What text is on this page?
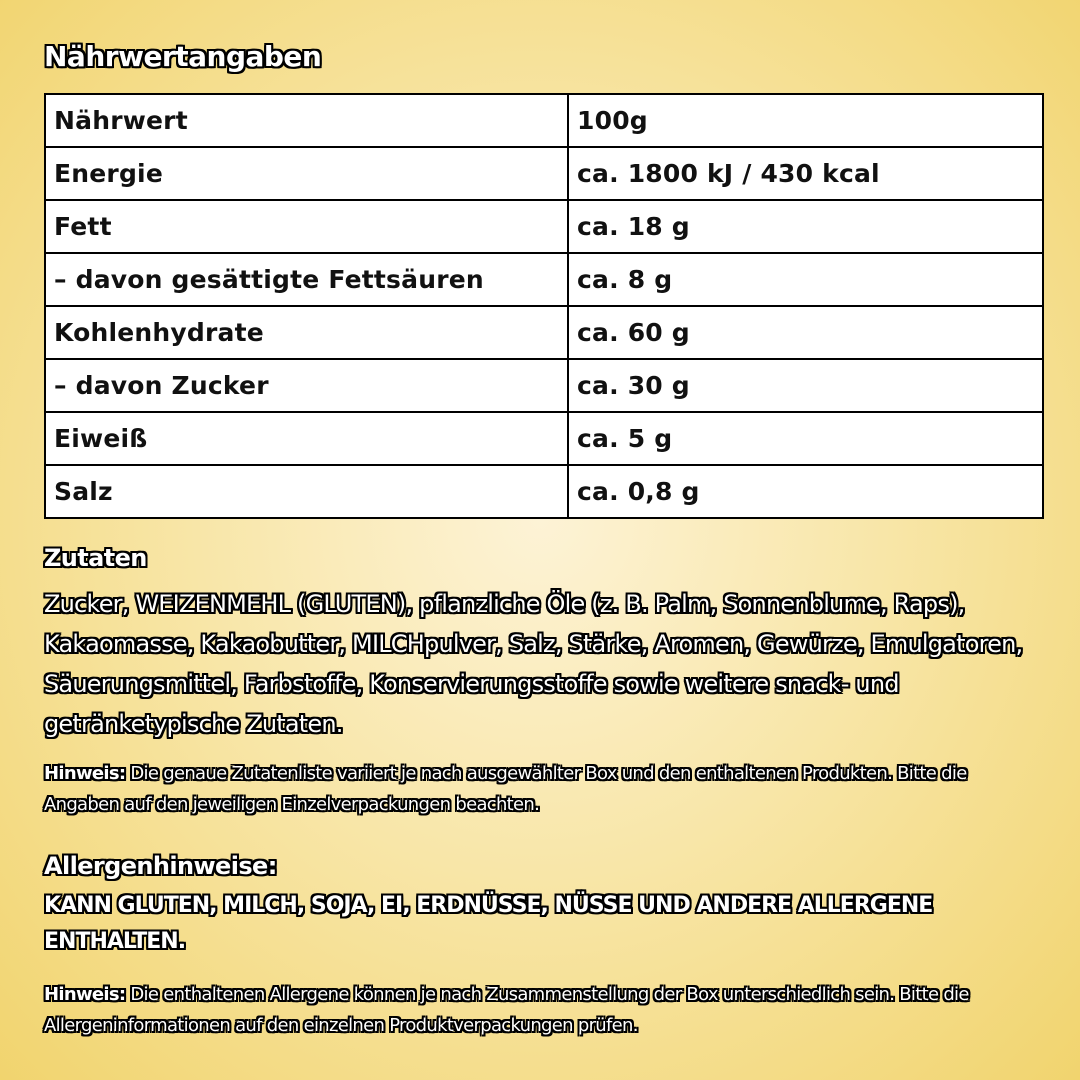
Nährwertangaben
Nährwert	100g
Energie	ca. 1800 kJ / 430 kcal
Fett	ca. 18 g
– davon gesättigte Fettsäuren	ca. 8 g
Kohlenhydrate	ca. 60 g
– davon Zucker	ca. 30 g
Eiweiß	ca. 5 g
Salz	ca. 0,8 g
Zutaten
Zucker, WEIZENMEHL (GLUTEN), pflanzliche Öle (z. B. Palm, Sonnenblume, Raps), Kakaomasse, Kakaobutter, MILCHpulver, Salz, Stärke, Aromen, Gewürze, Emulgatoren, Säuerungsmittel, Farbstoffe, Konservierungsstoffe sowie weitere snack- und getränketypische Zutaten.
Hinweis: Die genaue Zutatenliste variiert je nach ausgewählter Box und den enthaltenen Produkten. Bitte die Angaben auf den jeweiligen Einzelverpackungen beachten.
Allergenhinweise:
KANN GLUTEN, MILCH, SOJA, EI, ERDNÜSSE, NÜSSE UND ANDERE ALLERGENE ENTHALTEN.
Hinweis: Die enthaltenen Allergene können je nach Zusammenstellung der Box unterschiedlich sein. Bitte die Allergeninformationen auf den einzelnen Produktverpackungen prüfen.
